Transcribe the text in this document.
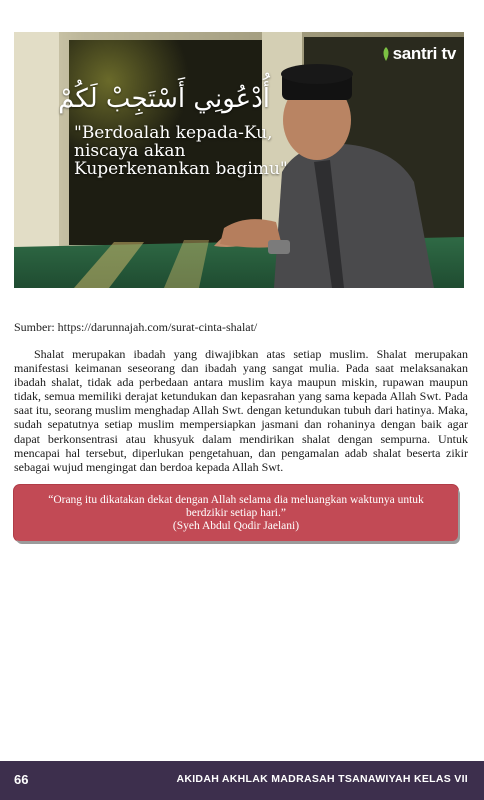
santri tv
أُدْعُونِي أَسْتَجِبْ لَكُمْ
"Berdoalah kepada-Ku, niscaya akan Kuperkenankan bagimu"
Sumber: https://darunnajah.com/surat-cinta-shalat/

Shalat merupakan ibadah yang diwajibkan atas setiap muslim. Shalat merupakan manifestasi keimanan seseorang dan ibadah yang sangat mulia. Pada saat melaksanakan ibadah shalat, tidak ada perbedaan antara muslim kaya maupun miskin, rupawan maupun tidak, semua memiliki derajat ketundukan dan kepasrahan yang sama kepada Allah Swt. Pada saat itu, seorang muslim menghadap Allah Swt. dengan ketundukan tubuh dari hatinya. Maka, sudah sepatutnya setiap muslim mempersiapkan jasmani dan rohaninya dengan baik agar dapat berkonsentrasi atau khusyuk dalam mendirikan shalat dengan sempurna. Untuk mencapai hal tersebut, diperlukan pengetahuan, dan pengamalan adab shalat beserta zikir sebagai wujud mengingat dan berdoa kepada Allah Swt.

“Orang itu dikatakan dekat dengan Allah selama dia meluangkan waktunya untuk berdzikir setiap hari.”
(Syeh Abdul Qodir Jaelani)
66	AKIDAH AKHLAK MADRASAH TSANAWIYAH KELAS VII
